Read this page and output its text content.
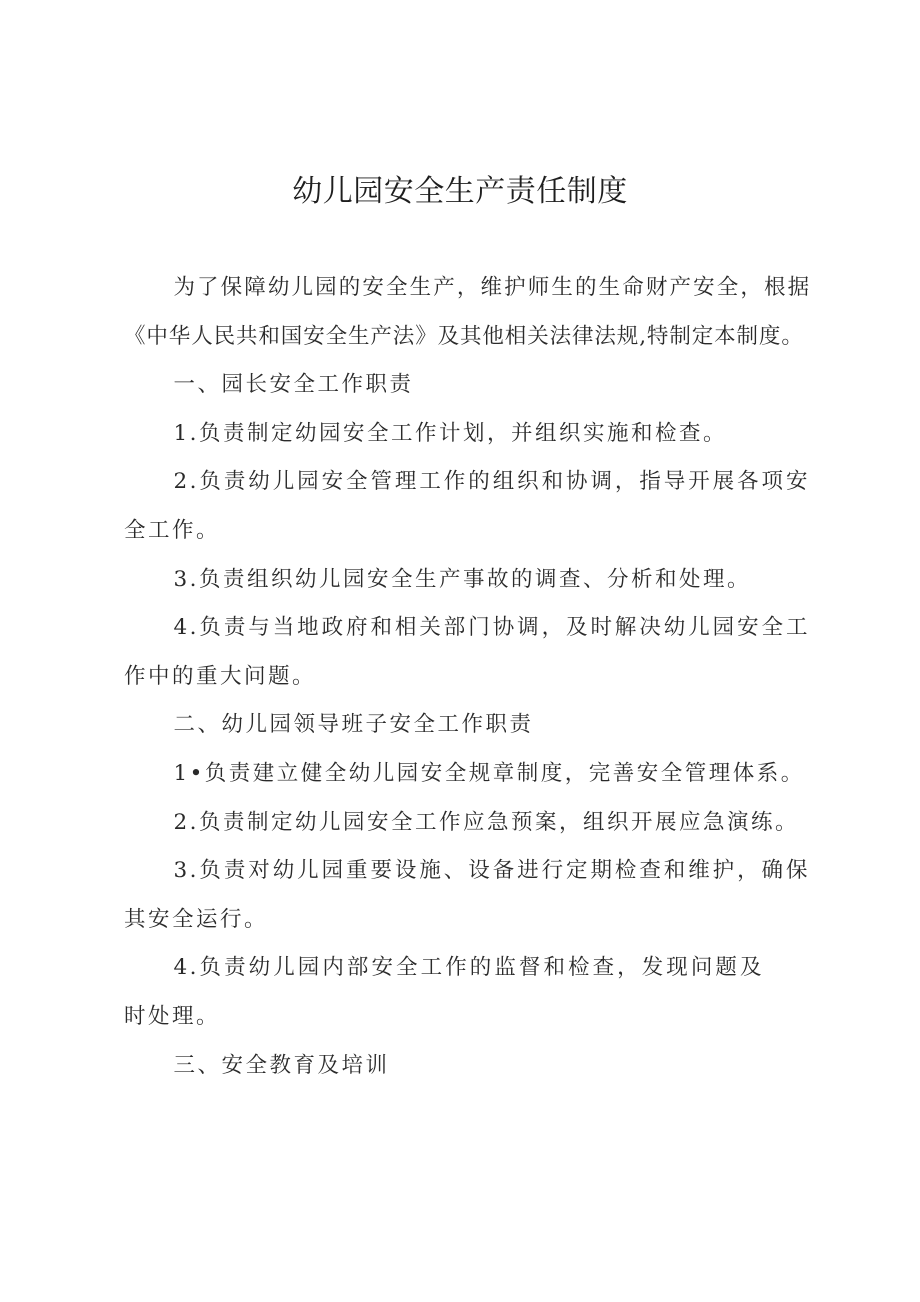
幼儿园安全生产责任制度

为了保障幼儿园的安全生产，维护师生的生命财产安全，根据《中华人民共和国安全生产法》及其他相关法律法规,特制定本制度。

一、园长安全工作职责

1.负责制定幼园安全工作计划，并组织实施和检查。

2.负责幼儿园安全管理工作的组织和协调，指导开展各项安全工作。

3.负责组织幼儿园安全生产事故的调查、分析和处理。

4.负责与当地政府和相关部门协调，及时解决幼儿园安全工作中的重大问题。

二、幼儿园领导班子安全工作职责

1•负责建立健全幼儿园安全规章制度，完善安全管理体系。

2.负责制定幼儿园安全工作应急预案，组织开展应急演练。

3.负责对幼儿园重要设施、设备进行定期检查和维护，确保其安全运行。

4.负责幼儿园内部安全工作的监督和检查，发现问题及时处理。

三、安全教育及培训
